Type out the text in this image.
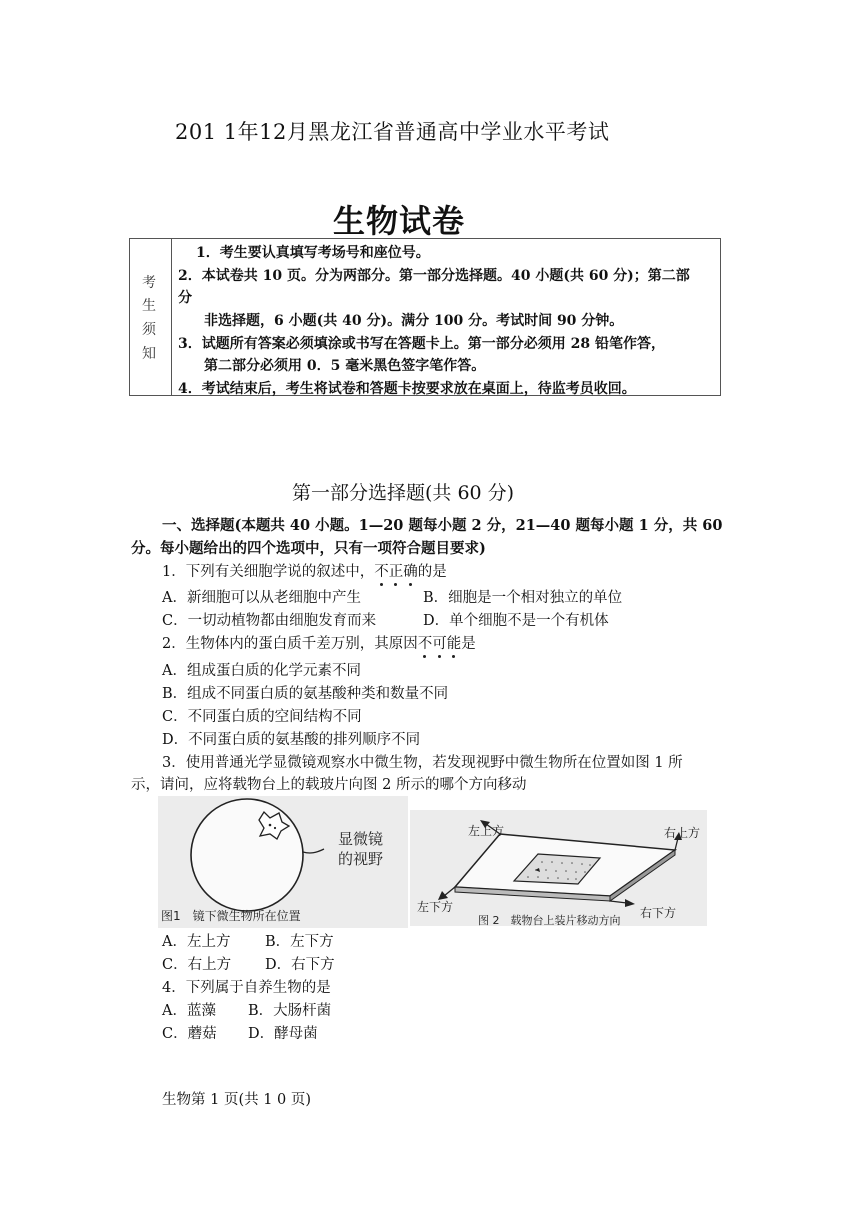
201 1年12月黑龙江省普通高中学业水平考试
生物试卷
考
生
须
知
1．考生要认真填写考场号和座位号。
2．本试卷共 10 页。分为两部分。第一部分选择题。40 小题(共 60 分)；第二部
分
非选择题，6 小题(共 40 分)。满分 100 分。考试时间 90 分钟。
3．试题所有答案必须填涂或书写在答题卡上。第一部分必须用 28 铅笔作答，
第二部分必须用 0．5 毫米黑色签字笔作答。
4．考试结束后，考生将试卷和答题卡按要求放在桌面上，待监考员收回。
第一部分选择题(共 60 分)
一、选择题(本题共 40 小题。1—20 题每小题 2 分，21—40 题每小题 1 分，共 60
分。每小题给出的四个选项中，只有一项符合题目要求)
1．下列有关细胞学说的叙述中，不正确的是
A．新细胞可以从老细胞中产生	B．细胞是一个相对独立的单位
C．一切动植物都由细胞发育而来	D．单个细胞不是一个有机体
2．生物体内的蛋白质千差万别，其原因不可能是
A．组成蛋白质的化学元素不同
B．组成不同蛋白质的氨基酸种类和数量不同
C．不同蛋白质的空间结构不同
D．不同蛋白质的氨基酸的排列顺序不同
3．使用普通光学显微镜观察水中微生物，若发现视野中微生物所在位置如图 1 所
示，请问，应将载物台上的载玻片向图 2 所示的哪个方向移动
显微镜
的视野
图1　镜下微生物所在位置
左上方	右上方
左下方	右下方
图 2　载物台上装片移动方向
A．左上方 B．左下方
C．右上方 D．右下方
4．下列属于自养生物的是
A．蓝藻 B．大肠杆菌
C．蘑菇 D．酵母菌
生物第 1 页(共 1 0 页)
